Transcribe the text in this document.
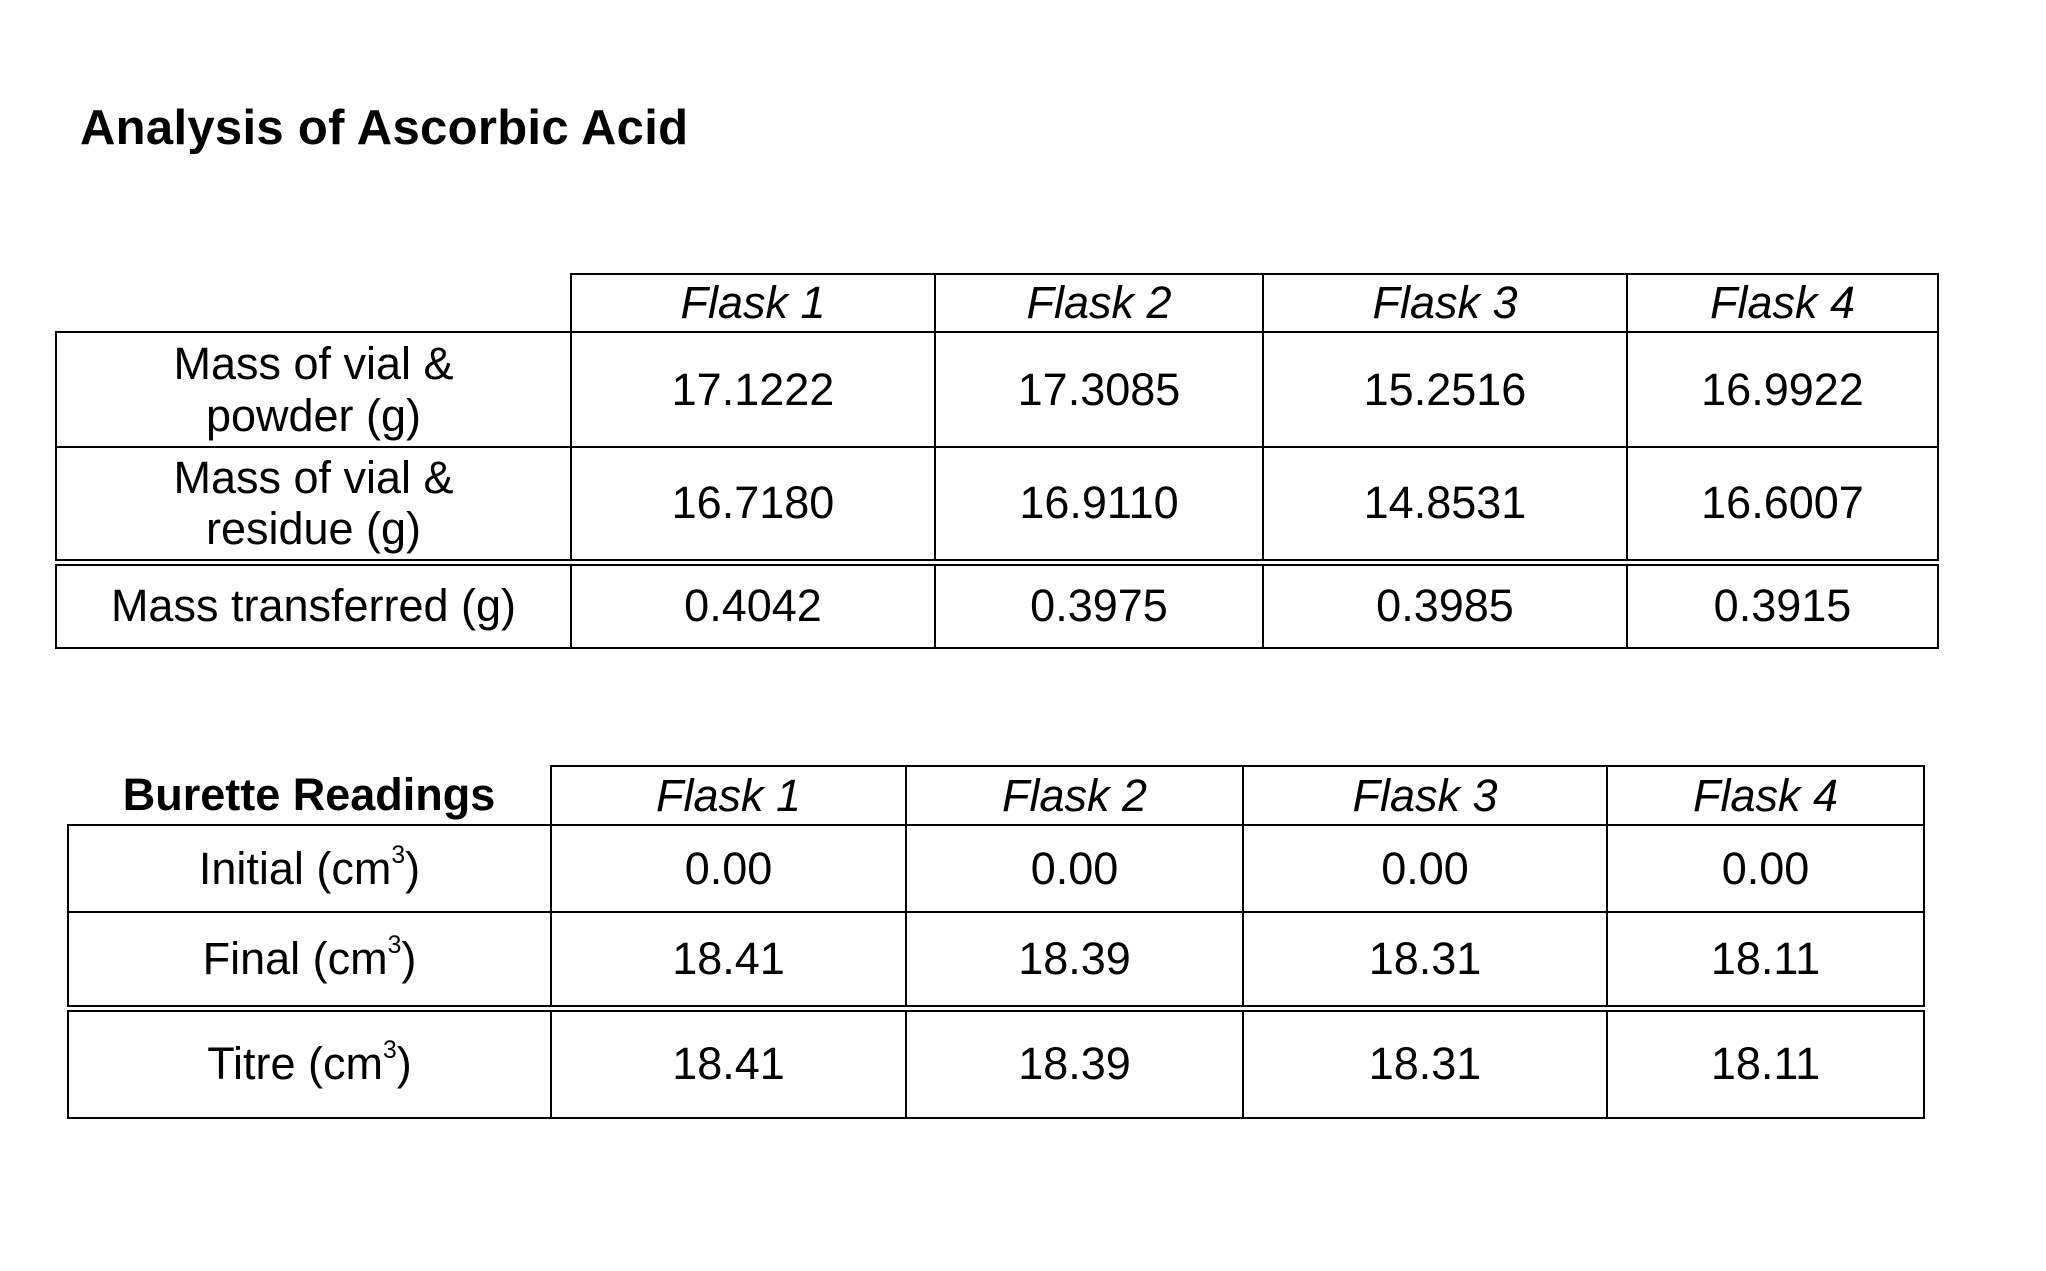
Analysis of Ascorbic Acid
	Flask 1	Flask 2	Flask 3	Flask 4
Mass of vial & powder (g)	17.1222	17.3085	15.2516	16.9922
Mass of vial & residue (g)	16.7180	16.9110	14.8531	16.6007
Mass transferred (g)	0.4042	0.3975	0.3985	0.3915
Burette Readings	Flask 1	Flask 2	Flask 3	Flask 4
Initial $(cm^3)$	0.00	0.00	0.00	0.00
Final $(cm^3)$	18.41	18.39	18.31	18.11
Titre $(cm^3)$	18.41	18.39	18.31	18.11
